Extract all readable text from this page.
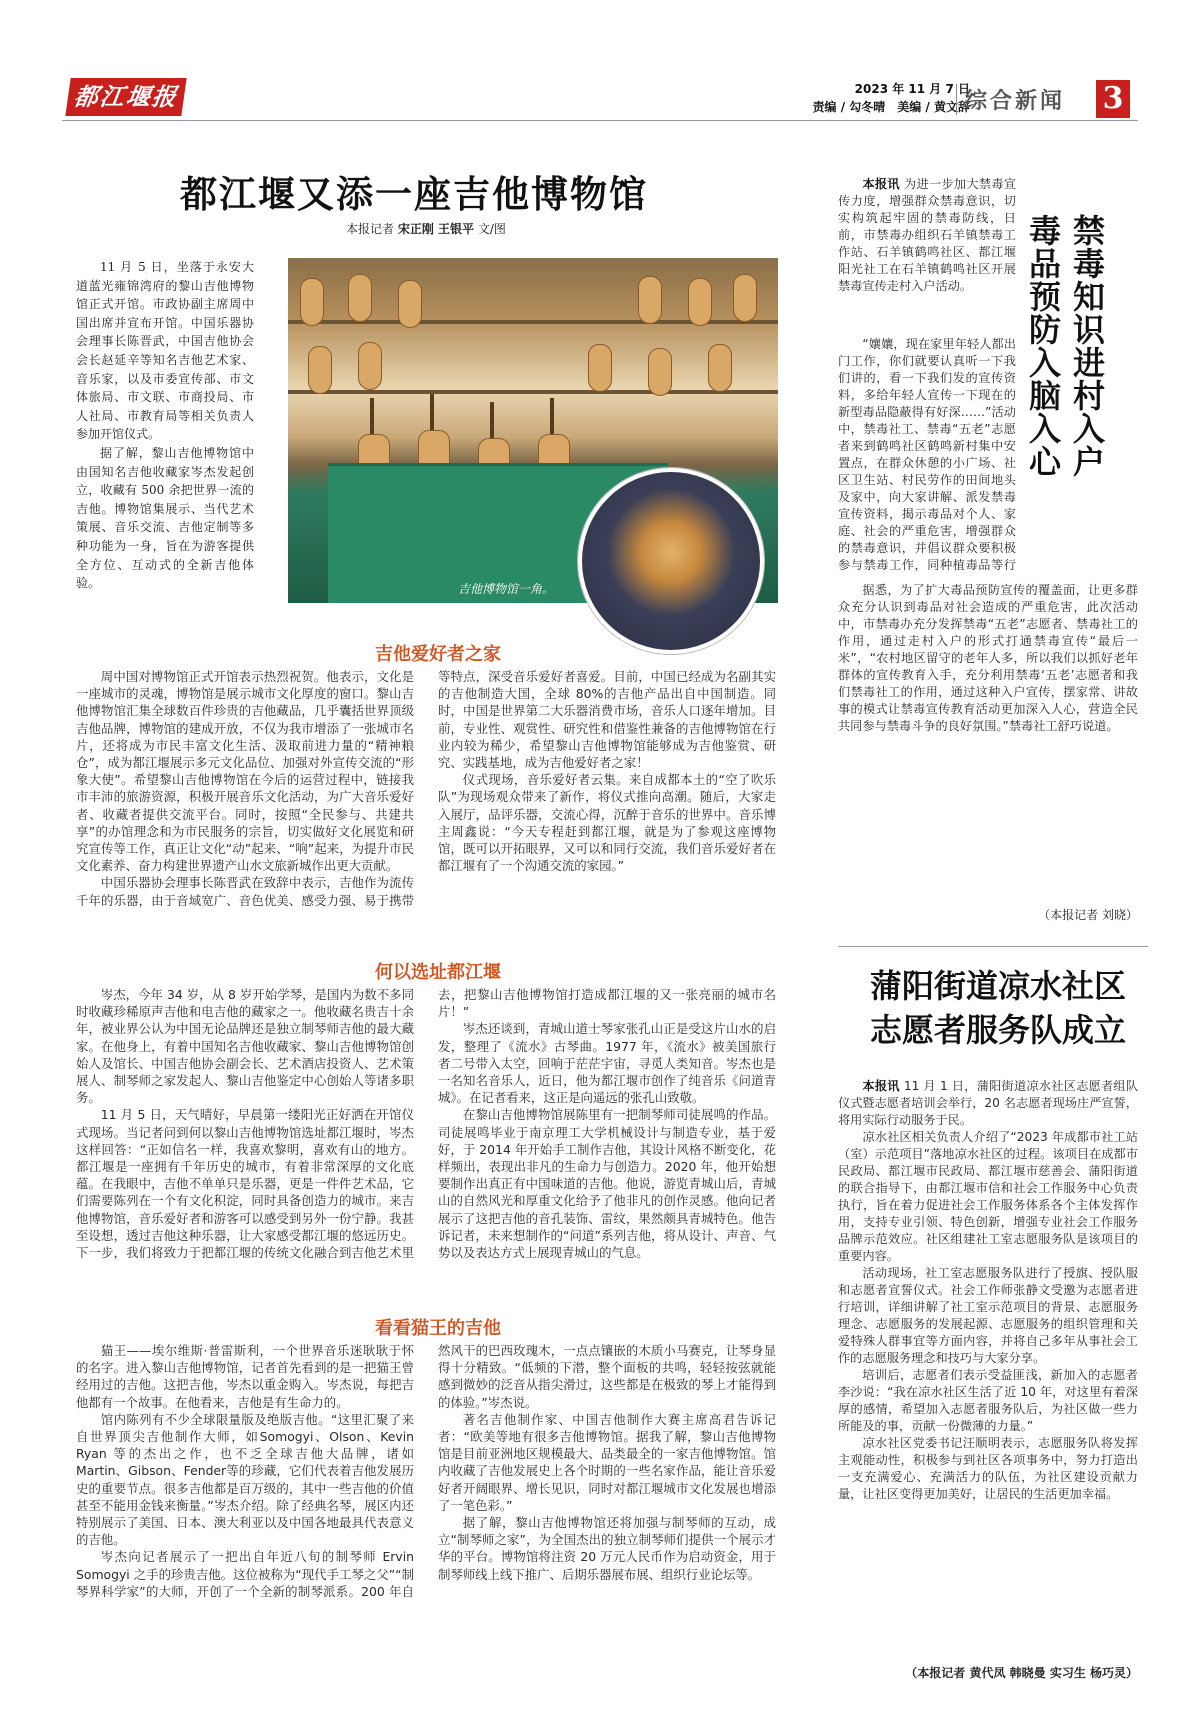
都江堰报	2023 年 11 月 7 日
责编 / 勾冬晴　美编 / 黄文辞
综合新闻 3
都江堰又添一座吉他博物馆
本报记者 宋正刚 王银平 文/图

11 月 5 日，坐落于永安大道蓝光雍锦湾府的黎山吉他博物馆正式开馆。市政协副主席周中国出席并宣布开馆。中国乐器协会理事长陈晋武，中国吉他协会会长赵延辛等知名吉他艺术家、音乐家，以及市委宣传部、市文体旅局、市文联、市商投局、市人社局、市教育局等相关负责人参加开馆仪式。

据了解，黎山吉他博物馆中由国知名吉他收藏家岑杰发起创立，收藏有 500 余把世界一流的吉他。博物馆集展示、当代艺术策展、音乐交流、吉他定制等多种功能为一身，旨在为游客提供全方位、互动式的全新吉他体验。	吉他博物馆一角。
吉他爱好者之家

周中国对博物馆正式开馆表示热烈祝贺。他表示，文化是一座城市的灵魂，博物馆是展示城市文化厚度的窗口。黎山吉他博物馆汇集全球数百件珍贵的吉他藏品，几乎囊括世界顶级吉他品牌，博物馆的建成开放，不仅为我市增添了一张城市名片，还将成为市民丰富文化生活、汲取前进力量的“精神粮仓”，成为都江堰展示多元文化品位、加强对外宣传交流的“形象大使”。希望黎山吉他博物馆在今后的运营过程中，链接我市丰沛的旅游资源，积极开展音乐文化活动，为广大音乐爱好者、收藏者提供交流平台。同时，按照“全民参与、共建共享”的办馆理念和为市民服务的宗旨，切实做好文化展览和研究宣传等工作，真正让文化“动”起来、“响”起来，为提升市民文化素养、奋力构建世界遗产山水文旅新城作出更大贡献。

中国乐器协会理事长陈晋武在致辞中表示，吉他作为流传千年的乐器，由于音域宽广、音色优美、感受力强、易于携带等特点，深受音乐爱好者喜爱。目前，中国已经成为名副其实的吉他制造大国，全球 80%的吉他产品出自中国制造。同时，中国是世界第二大乐器消费市场，音乐人口逐年增加。目前，专业性、观赏性、研究性和借鉴性兼备的吉他博物馆在行业内较为稀少，希望黎山吉他博物馆能够成为吉他鉴赏、研究、实践基地，成为吉他爱好者之家！

仪式现场，音乐爱好者云集。来自成都本土的“空了吹乐队”为现场观众带来了新作，将仪式推向高潮。随后，大家走入展厅，品评乐器，交流心得，沉醉于音乐的世界中。音乐博主周鑫说：“今天专程赶到都江堰，就是为了参观这座博物馆，既可以开拓眼界，又可以和同行交流，我们音乐爱好者在都江堰有了一个沟通交流的家园。”

何以选址都江堰

岑杰，今年 34 岁，从 8 岁开始学琴，是国内为数不多同时收藏珍稀原声吉他和电吉他的藏家之一。他收藏名贵吉十余年，被业界公认为中国无论品牌还是独立制琴师吉他的最大藏家。在他身上，有着中国知名吉他收藏家、黎山吉他博物馆创始人及馆长、中国吉他协会副会长、艺术酒店投资人、艺术策展人、制琴师之家发起人、黎山吉他鉴定中心创始人等诸多职务。

11 月 5 日，天气晴好，早晨第一缕阳光正好洒在开馆仪式现场。当记者问到何以黎山吉他博物馆选址都江堰时，岑杰这样回答：“正如信名一样，我喜欢黎明，喜欢有山的地方。都江堰是一座拥有千年历史的城市，有着非常深厚的文化底蕴。在我眼中，吉他不单单只是乐器，更是一件件艺术品，它们需要陈列在一个有文化积淀，同时具备创造力的城市。来吉他博物馆，音乐爱好者和游客可以感受到另外一份宁静。我甚至设想，透过吉他这种乐器，让大家感受都江堰的悠远历史。下一步，我们将致力于把都江堰的传统文化融合到吉他艺术里去，把黎山吉他博物馆打造成都江堰的又一张亮丽的城市名片！”

岑杰还谈到，青城山道士琴家张孔山正是受这片山水的启发，整理了《流水》古琴曲。1977 年，《流水》被美国旅行者二号带入太空，回响于茫茫宇宙，寻觅人类知音。岑杰也是一名知名音乐人，近日，他为都江堰市创作了纯音乐《问道青城》。在记者看来，这正是向遥远的张孔山致敬。

在黎山吉他博物馆展陈里有一把制琴师司徒展鸣的作品。司徒展鸣毕业于南京理工大学机械设计与制造专业，基于爱好，于 2014 年开始手工制作吉他，其设计风格不断变化，花样频出，表现出非凡的生命力与创造力。2020 年，他开始想要制作出真正有中国味道的吉他。他说，游览青城山后，青城山的自然风光和厚重文化给予了他非凡的创作灵感。他向记者展示了这把吉他的音孔装饰、雷纹，果然颇具青城特色。他告诉记者，未来想制作的“问道”系列吉他，将从设计、声音、气势以及表达方式上展现青城山的气息。

看看猫王的吉他

猫王——埃尔维斯·普雷斯利，一个世界音乐迷耿耿于怀的名字。进入黎山吉他博物馆，记者首先看到的是一把猫王曾经用过的吉他。这把吉他，岑杰以重金购入。岑杰说，每把吉他都有一个故事。在他看来，吉他是有生命力的。

馆内陈列有不少全球限量版及绝版吉他。“这里汇聚了来自世界顶尖吉他制作大师，如Somogyi、Olson、Kevin Ryan 等的杰出之作，也不乏全球吉他大品牌，诸如 Martin、Gibson、Fender等的珍藏，它们代表着吉他发展历史的重要节点。很多吉他都是百万级的，其中一些吉他的价值甚至不能用金钱来衡量。”岑杰介绍。除了经典名琴，展区内还特别展示了美国、日本、澳大利亚以及中国各地最具代表意义的吉他。

岑杰向记者展示了一把出自年近八旬的制琴师 Ervin Somogyi 之手的珍贵吉他。这位被称为“现代手工琴之父”“制琴界科学家”的大师，开创了一个全新的制琴派系。200 年自然风干的巴西玫瑰木，一点点镶嵌的木质小马赛克，让琴身显得十分精致。“低频的下潜，整个面板的共鸣，轻轻按弦就能感到微妙的泛音从指尖滑过，这些都是在极致的琴上才能得到的体验。”岑杰说。

著名吉他制作家、中国吉他制作大赛主席高君告诉记者：“欧美等地有很多吉他博物馆。据我了解，黎山吉他博物馆是目前亚洲地区规模最大、品类最全的一家吉他博物馆。馆内收藏了吉他发展史上各个时期的一些名家作品，能让音乐爱好者开阔眼界、增长见识，同时对都江堰城市文化发展也增添了一笔色彩。”

据了解，黎山吉他博物馆还将加强与制琴师的互动，成立“制琴师之家”，为全国杰出的独立制琴师们提供一个展示才华的平台。博物馆将注资 20 万元人民币作为启动资金，用于制琴师线上线下推广、后期乐器展布展、组织行业论坛等。

禁毒知识进村入户
毒品预防入脑入心

本报讯 为进一步加大禁毒宣传力度，增强群众禁毒意识，切实构筑起牢固的禁毒防线，日前，市禁毒办组织石羊镇禁毒工作站、石羊镇鹤鸣社区、都江堰阳光社工在石羊镇鹤鸣社区开展禁毒宣传走村入户活动。

“孃孃，现在家里年轻人都出门工作，你们就要认真听一下我们讲的，看一下我们发的宣传资料，多给年轻人宣传一下现在的新型毒品隐蔽得有好深……”活动中，禁毒社工、禁毒“五老”志愿者来到鹤鸣社区鹤鸣新村集中安置点，在群众休憩的小广场、社区卫生站、村民劳作的田间地头及家中，向大家讲解、派发禁毒宣传资料，揭示毒品对个人、家庭、社会的严重危害，增强群众的禁毒意识，并倡议群众要积极参与禁毒工作，同种植毒品等行

据悉，为了扩大毒品预防宣传的覆盖面，让更多群众充分认识到毒品对社会造成的严重危害，此次活动中，市禁毒办充分发挥禁毒“五老”志愿者、禁毒社工的作用，通过走村入户的形式打通禁毒宣传“最后一米”，“农村地区留守的老年人多，所以我们以抓好老年群体的宣传教育入手，充分利用禁毒‘五老’志愿者和我们禁毒社工的作用，通过这种入户宣传，摆家常、讲故事的模式让禁毒宣传教育活动更加深入人心，营造全民共同参与禁毒斗争的良好氛围。”禁毒社工舒巧说道。

（本报记者 刘晓）
蒲阳街道凉水社区
志愿者服务队成立

本报讯 11 月 1 日，蒲阳街道凉水社区志愿者组队仪式暨志愿者培训会举行，20 名志愿者现场庄严宣誓，将用实际行动服务于民。

凉水社区相关负责人介绍了“2023 年成都市社工站（室）示范项目”落地凉水社区的过程。该项目在成都市民政局、都江堰市民政局、都江堰市慈善会、蒲阳街道的联合指导下，由都江堰市信和社会工作服务中心负责执行，旨在着力促进社会工作服务体系各个主体发挥作用，支持专业引领、特色创新，增强专业社会工作服务品牌示范效应。社区组建社工室志愿服务队是该项目的重要内容。

活动现场，社工室志愿服务队进行了授旗、授队服和志愿者宣誓仪式。社会工作师张静文受邀为志愿者进行培训，详细讲解了社工室示范项目的背景、志愿服务理念、志愿服务的发展起源、志愿服务的组织管理和关爱特殊人群事宜等方面内容，并将自己多年从事社会工作的志愿服务理念和技巧与大家分享。

培训后，志愿者们表示受益匪浅，新加入的志愿者李沙说：“我在凉水社区生活了近 10 年，对这里有着深厚的感情，希望加入志愿者服务队后，为社区做一些力所能及的事，贡献一份微薄的力量。”

凉水社区党委书记汪顺明表示，志愿服务队将发挥主观能动性，积极参与到社区各项事务中，努力打造出一支充满爱心、充满活力的队伍，为社区建设贡献力量，让社区变得更加美好，让居民的生活更加幸福。

（本报记者 黄代凤 韩晓曼 实习生 杨巧灵）
